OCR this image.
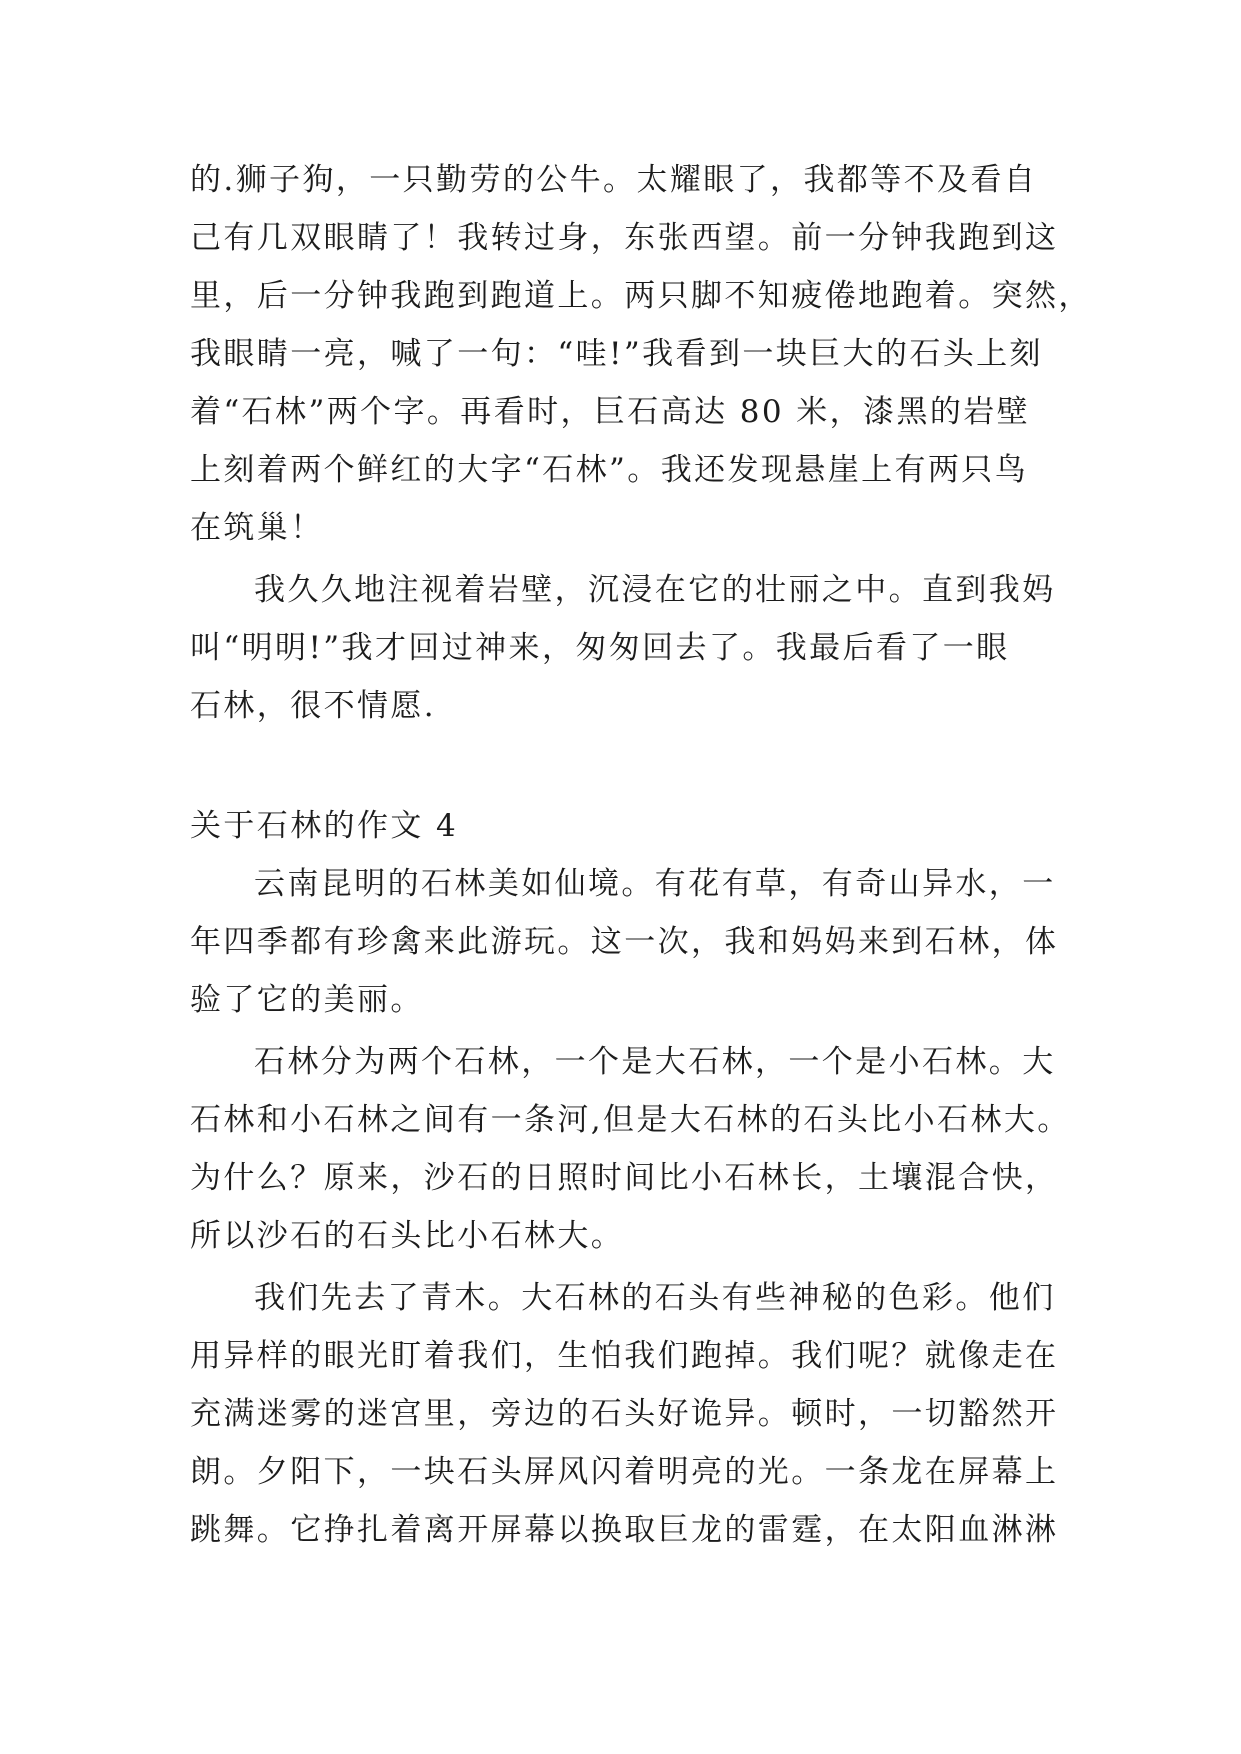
的.狮子狗，一只勤劳的公牛。太耀眼了，我都等不及看自
己有几双眼睛了！我转过身，东张西望。前一分钟我跑到这
里，后一分钟我跑到跑道上。两只脚不知疲倦地跑着。突然，
我眼睛一亮，喊了一句：“哇!”我看到一块巨大的石头上刻
着“石林”两个字。再看时，巨石高达 80 米，漆黑的岩壁
上刻着两个鲜红的大字“石林”。我还发现悬崖上有两只鸟
在筑巢！
我久久地注视着岩壁，沉浸在它的壮丽之中。直到我妈
叫“明明!”我才回过神来，匆匆回去了。我最后看了一眼
石林，很不情愿.
关于石林的作文 4
云南昆明的石林美如仙境。有花有草，有奇山异水，一
年四季都有珍禽来此游玩。这一次，我和妈妈来到石林，体
验了它的美丽。
石林分为两个石林，一个是大石林，一个是小石林。大
石林和小石林之间有一条河,但是大石林的石头比小石林大。
为什么？原来，沙石的日照时间比小石林长，土壤混合快，
所以沙石的石头比小石林大。
我们先去了青木。大石林的石头有些神秘的色彩。他们
用异样的眼光盯着我们，生怕我们跑掉。我们呢？就像走在
充满迷雾的迷宫里，旁边的石头好诡异。顿时，一切豁然开
朗。夕阳下，一块石头屏风闪着明亮的光。一条龙在屏幕上
跳舞。它挣扎着离开屏幕以换取巨龙的雷霆，在太阳血淋淋
